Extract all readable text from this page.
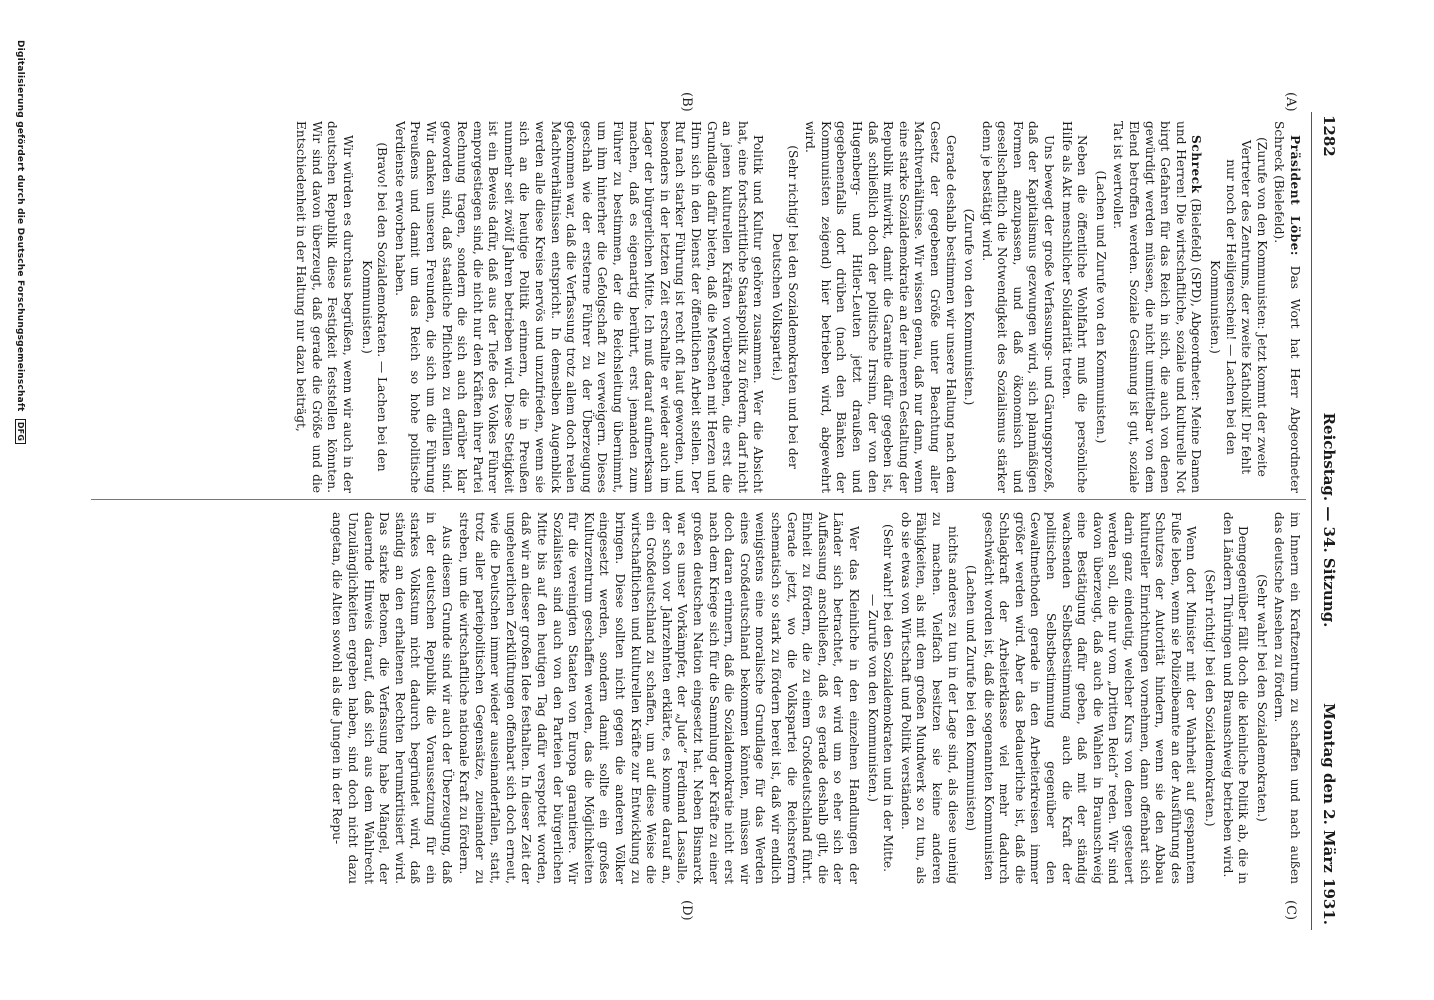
1282
Reichstag. — 34. Sitzung.
Montag den 2. März 1931.
(A)
(B)
(C)
(D)

Präsident Löbe: Das Wort hat Herr Abgeordneter Schreck (Bielefeld).

(Zurufe von den Kommunisten: Jetzt kommt der zweite Vertreter des Zentrums, der zweite Katholik! Dir fehlt nur noch der Heiligenschein! — Lachen bei den Kommunisten.)

Schreck (Bielefeld) (SPD), Abgeordneter: Meine Damen und Herren! Die wirtschaftliche, soziale und kulturelle Not birgt Gefahren für das Reich in sich, die auch von denen gewürdigt werden müssen, die nicht unmittelbar von dem Elend betroffen werden. Soziale Gesinnung ist gut, soziale Tat ist wertvoller.

(Lachen und Zurufe von den Kommunisten.)

Neben die öffentliche Wohlfahrt muß die persönliche Hilfe als Akt menschlicher Solidarität treten.

Uns bewegt der große Verfassungs- und Gärungsprozeß, daß der Kapitalismus gezwungen wird, sich planmäßigen Formen anzupassen, und daß ökonomisch und gesellschaftlich die Notwendigkeit des Sozialismus stärker denn je bestätigt wird.

(Zurufe von den Kommunisten.)

Gerade deshalb bestimmen wir unsere Haltung nach dem Gesetz der gegebenen Größe unter Beachtung aller Machtverhältnisse. Wir wissen genau, daß nur dann, wenn eine starke Sozialdemokratie an der inneren Gestaltung der Republik mitwirkt, damit die Garantie dafür gegeben ist, daß schließlich doch der politische Irrsinn, der von den Hugenberg- und Hitler-Leuten jetzt draußen und gegebenenfalls dort drüben (nach den Bänken der Kommunisten zeigend) hier betrieben wird, abgewehrt wird.

(Sehr richtig! bei den Sozialdemokraten und bei der Deutschen Volkspartei.)

Politik und Kultur gehören zusammen. Wer die Absicht hat, eine fortschrittliche Staatspolitik zu fördern, darf nicht an jenen kulturellen Kräften vorübergehen, die erst die Grundlage dafür bieten, daß die Menschen mit Herzen und Hirn sich in den Dienst der öffentlichen Arbeit stellen. Der Ruf nach starker Führung ist recht oft laut geworden, und besonders in der letzten Zeit erschallte er wieder auch im Lager der bürgerlichen Mitte. Ich muß darauf aufmerksam machen, daß es eigenartig berührt, erst jemanden zum Führer zu bestimmen, der die Reichsleitung übernimmt, um ihm hinterher die Gefolgschaft zu verweigern. Dieses geschah wie der ersterne Führer zu der Überzeugung gekommen war, daß die Verfassung trotz allem doch realen Machtverhältnissen entspricht. In demselben Augenblick werden alle diese Kreise nervös und unzufrieden, wenn sie sich an die heutige Politik erinnern, die in Preußen nunmehr seit zwölf Jahren betrieben wird. Diese Stetigkeit ist ein Beweis dafür, daß aus der Tiefe des Volkes Führer emporgestiegen sind, die nicht nur den Kräften ihrer Partei Rechnung tragen, sondern die sich auch darüber klar geworden sind, daß staatliche Pflichten zu erfüllen sind. Wir danken unseren Freunden, die sich um die Führung Preußens und damit um das Reich so hohe politische Verdienste erworben haben.

(Bravo! bei den Sozialdemokraten. — Lachen bei den Kommunisten.)

Wir würden es durchaus begrüßen, wenn wir auch in der deutschen Republik diese Festigkeit feststellen könnten. Wir sind davon überzeugt, daß gerade die Größe und die Entschiedenheit in der Haltung nur dazu beiträgt,

im Innern ein Kraftzentrum zu schaffen und nach außen das deutsche Ansehen zu fördern.

(Sehr wahr! bei den Sozialdemokraten.)

Demgegenüber fällt doch die kleinliche Politik ab, die in den Ländern Thüringen und Braunschweig betrieben wird.

(Sehr richtig! bei den Sozialdemokraten.)

Wenn dort Minister mit der Wahrheit auf gespanntem Fuße leben, wenn sie Polizeibeamte an der Ausführung des Schutzes der Autorität hindern, wenn sie den Abbau kultureller Einrichtungen vornehmen, dann offenbart sich darin ganz eindeutig, welcher Kurs von denen gesteuert werden soll, die nur vom „Dritten Reich“ reden. Wir sind davon überzeugt, daß auch die Wahlen in Braunschweig eine Bestätigung dafür geben, daß mit der ständig wachsenden Selbstbestimmung auch die Kraft der politischen Selbstbestimmung gegenüber den Gewaltmethoden gerade in den Arbeiterkreisen immer größer werden wird. Aber das Bedauerliche ist, daß die Schlagkraft der Arbeiterklasse viel mehr dadurch geschwächt worden ist, daß die sogenannten Kommunisten

(Lachen und Zurufe bei den Kommunisten)

nichts anderes zu tun in der Lage sind, als diese uneinig zu machen. Vielfach besitzen sie keine anderen Fähigkeiten, als mit dem großen Mundwerk so zu tun, als ob sie etwas von Wirtschaft und Politik verständen.

(Sehr wahr! bei den Sozialdemokraten und in der Mitte. — Zurufe von den Kommunisten.)

Wer das Kleinliche in den einzelnen Handlungen der Länder sich betrachtet, der wird um so eher sich der Auffassung anschließen, daß es gerade deshalb gilt, die Einheit zu fördern, die zu einem Großdeutschland führt. Gerade jetzt, wo die Volkspartei die Reichsreform schematisch so stark zu fördern bereit ist, daß wir endlich wenigstens eine moralische Grundlage für das Werden eines Großdeutschland bekommen könnten, müssen wir doch daran erinnern, daß die Sozialdemokratie nicht erst nach dem Kriege sich für die Sammlung der Kräfte zu einer großen deutschen Nation eingesetzt hat. Neben Bismarck war es unser Vorkämpfer, der „Jude“ Ferdinand Lassalle, der schon vor Jahrzehnten erklärte, es komme darauf an, ein Großdeutschland zu schaffen, um auf diese Weise die wirtschaftlichen und kulturellen Kräfte zur Entwicklung zu bringen. Diese sollten nicht gegen die anderen Völker eingesetzt werden, sondern damit sollte ein großes Kulturzentrum geschaffen werden, das die Möglichkeiten für die vereinigten Staaten von Europa garantiere. Wir Sozialisten sind auch von den Parteien der bürgerlichen Mitte bis auf den heutigen Tag dafür verspottet worden, daß wir an dieser großen Idee festhalten. In dieser Zeit der ungeheuerlichen Zerklüftungen offenbart sich doch erneut, wie die Deutschen immer wieder auseinanderfallen, statt, trotz aller parteipolitischen Gegensätze, zueinander zu streben, um die wirtschaftliche nationale Kraft zu fördern.

Aus diesem Grunde sind wir auch der Überzeugung, daß in der deutschen Republik die Voraussetzung für ein starkes Volkstum nicht dadurch begründet wird, daß ständig an den erhaltenen Rechten herumkritisiert wird. Das starke Betonen, die Verfassung habe Mängel, der dauernde Hinweis darauf, daß sich aus dem Wahlrecht Unzulänglichkeiten ergeben haben, sind doch nicht dazu angetan, die Alten sowohl als die Jungen in der Repu-

Digitalisierung gefördert durch die Deutsche Forschungsgemeinschaft DFG
